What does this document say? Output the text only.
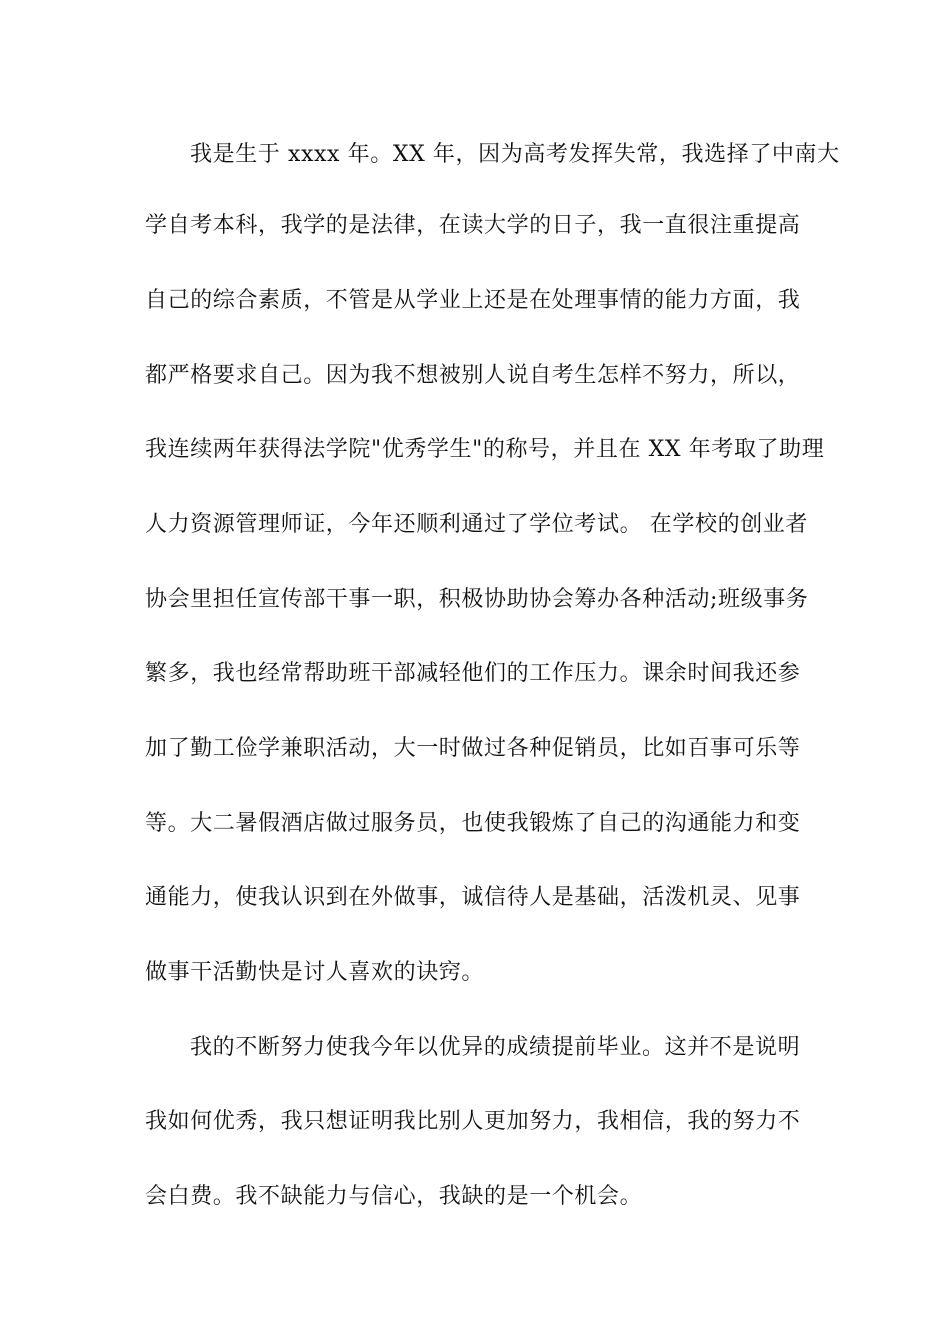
我是生于 xxxx 年。XX 年，因为高考发挥失常，我选择了中南大
学自考本科，我学的是法律，在读大学的日子，我一直很注重提高
自己的综合素质，不管是从学业上还是在处理事情的能力方面，我
都严格要求自己。因为我不想被别人说自考生怎样不努力，所以，
我连续两年获得法学院"优秀学生"的称号，并且在 XX 年考取了助理
人力资源管理师证，今年还顺利通过了学位考试。 在学校的创业者
协会里担任宣传部干事一职，积极协助协会筹办各种活动;班级事务
繁多，我也经常帮助班干部减轻他们的工作压力。课余时间我还参
加了勤工俭学兼职活动，大一时做过各种促销员，比如百事可乐等
等。大二暑假酒店做过服务员，也使我锻炼了自己的沟通能力和变
通能力，使我认识到在外做事，诚信待人是基础，活泼机灵、见事
做事干活勤快是讨人喜欢的诀窍。
我的不断努力使我今年以优异的成绩提前毕业。这并不是说明
我如何优秀，我只想证明我比别人更加努力，我相信，我的努力不
会白费。我不缺能力与信心，我缺的是一个机会。
